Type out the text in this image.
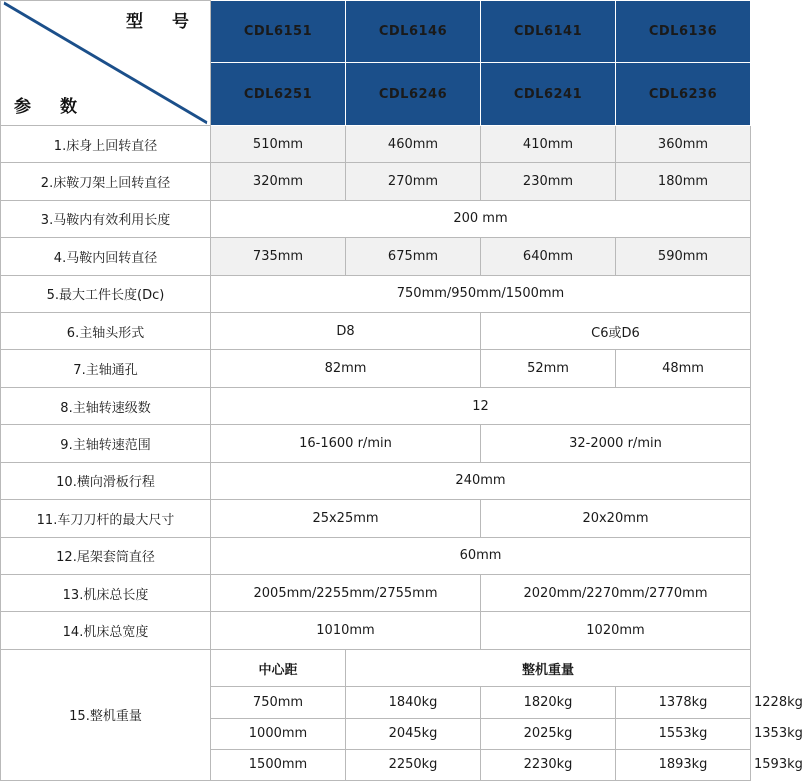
型　号
参　数	CDL6151	CDL6146	CDL6141	CDL6136	
	CDL6251	CDL6246	CDL6241	CDL6236	
1.床身上回转直径	510mm	460mm	410mm	360mm	
2.床鞍刀架上回转直径	320mm	270mm	230mm	180mm	
3.马鞍内有效利用长度	200 mm				
4.马鞍内回转直径	735mm	675mm	640mm	590mm	
5.最大工件长度(Dc)	750mm/950mm/1500mm				
6.主轴头形式	D8		C6或D6		
7.主轴通孔	82mm		52mm	48mm	
8.主轴转速级数	12				
9.主轴转速范围	16-1600 r/min		32-2000 r/min		
10.横向滑板行程	240mm				
11.车刀刀杆的最大尺寸	25x25mm		20x20mm		
12.尾架套筒直径	60mm				
13.机床总长度	2005mm/2255mm/2755mm		2020mm/2270mm/2770mm		
14.机床总宽度	1010mm		1020mm		
15.整机重量	中心距	整机重量			
	750mm	1840kg	1820kg	1378kg	1228kg
	1000mm	2045kg	2025kg	1553kg	1353kg
	1500mm	2250kg	2230kg	1893kg	1593kg
